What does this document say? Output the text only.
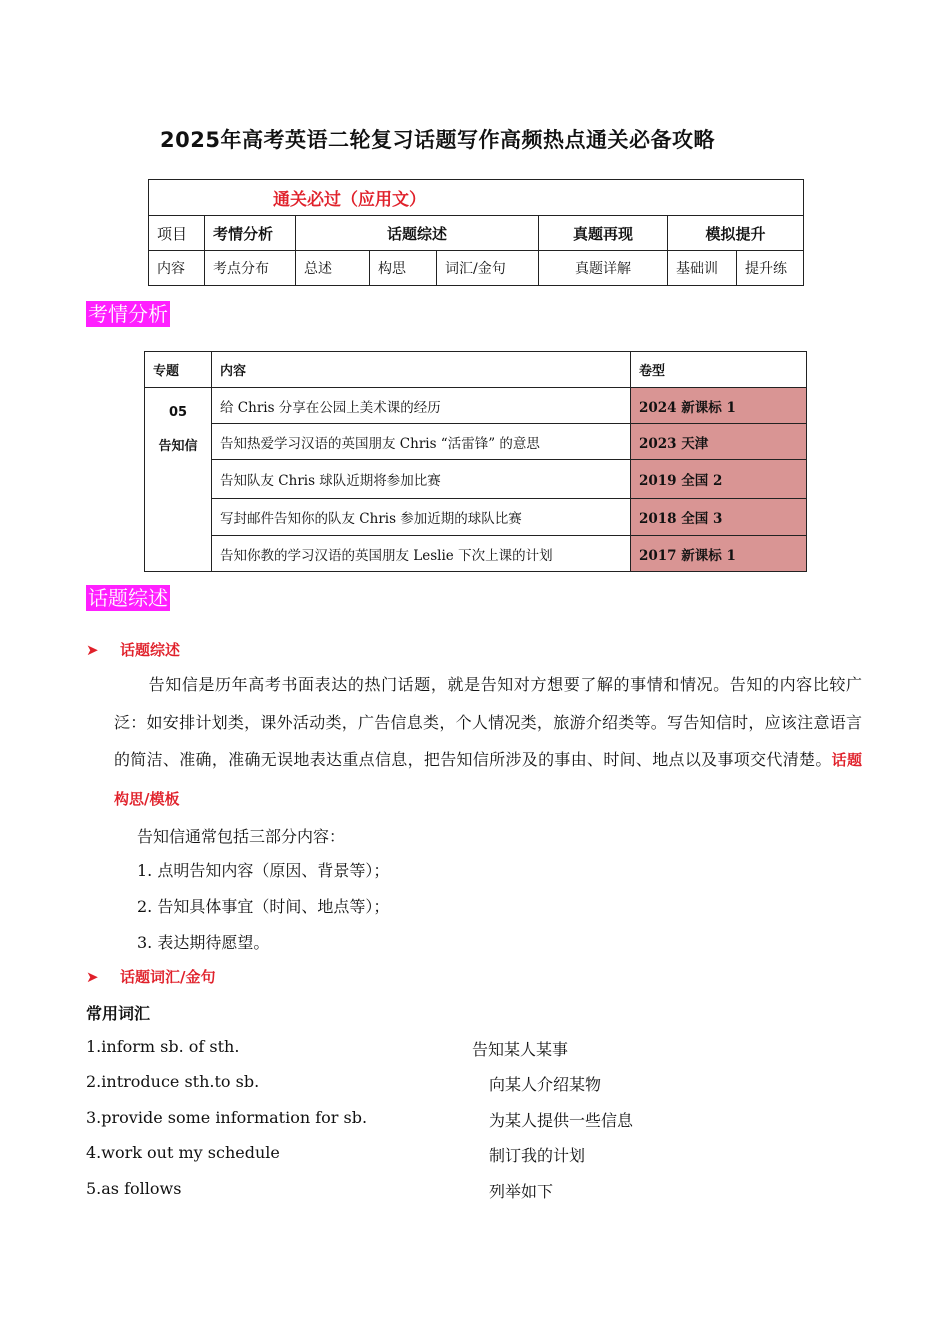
2025年高考英语二轮复习话题写作高频热点通关必备攻略
通关必过（应用文）							
项目	考情分析	话题综述			真题再现	模拟提升	
内容	考点分布	总述	构思	词汇/金句	真题详解	基础训	提升练
考情分析
专题	内容	卷型

05
告知信	给 Chris 分享在公园上美术课的经历	2024 新课标 1
	告知热爱学习汉语的英国朋友 Chris “活雷锋” 的意思	2023 天津
	告知队友 Chris 球队近期将参加比赛	2019 全国 2
	写封邮件告知你的队友 Chris 参加近期的球队比赛	2018 全国 3
	告知你教的学习汉语的英国朋友 Leslie 下次上课的计划	2017 新课标 1
话题综述
➤ 话题综述
告知信是历年高考书面表达的热门话题，就是告知对方想要了解的事情和情况。告知的内容比较广泛：如安排计划类，课外活动类，广告信息类，个人情况类，旅游介绍类等。写告知信时，应该注意语言的简洁、准确，准确无误地表达重点信息，把告知信所涉及的事由、时间、地点以及事项交代清楚。话题构思/模板
告知信通常包括三部分内容：
1. 点明告知内容（原因、背景等）；
2. 告知具体事宜（时间、地点等）；
3. 表达期待愿望。
➤ 话题词汇/金句
常用词汇
1.inform sb. of sth.	告知某人某事
2.introduce sth.to sb.	向某人介绍某物
3.provide some information for sb.	为某人提供一些信息
4.work out my schedule	制订我的计划
5.as follows	列举如下
